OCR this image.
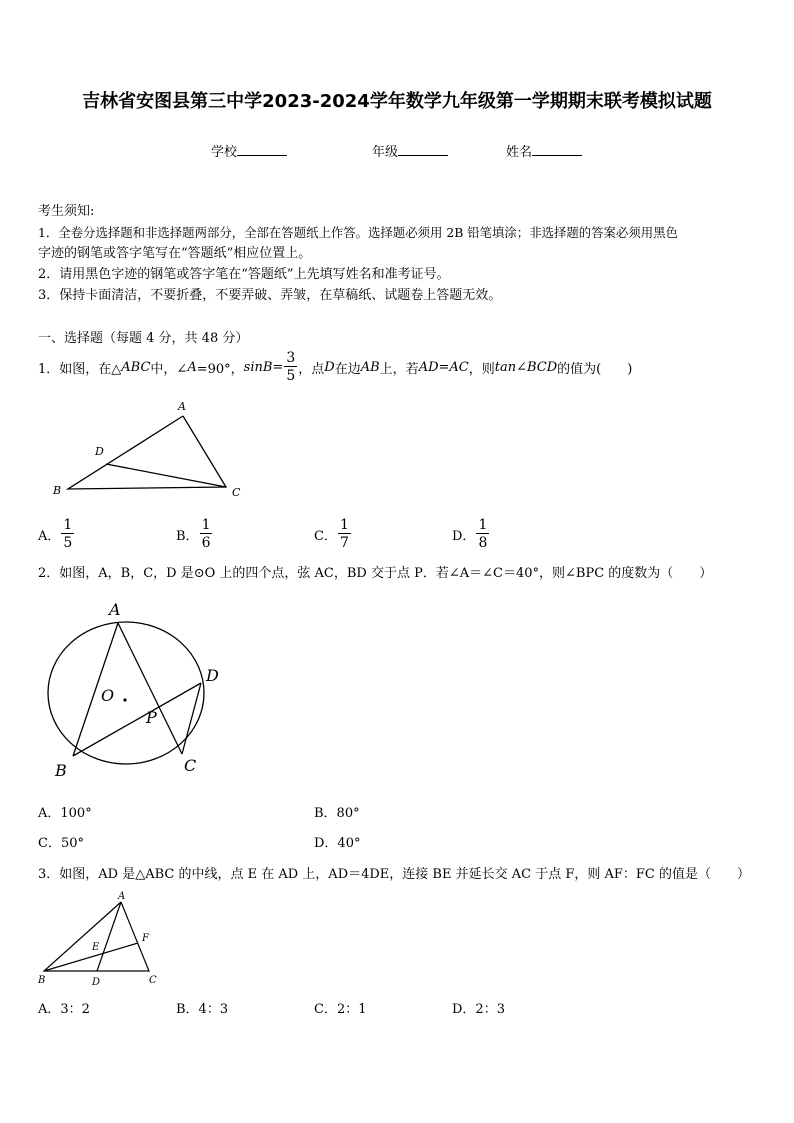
吉林省安图县第三中学2023-2024学年数学九年级第一学期期末联考模拟试题
学校	年级	姓名
考生须知:
1．全卷分选择题和非选择题两部分，全部在答题纸上作答。选择题必须用 2B 铅笔填涂；非选择题的答案必须用黑色
字迹的钢笔或答字笔写在“答题纸”相应位置上。
2．请用黑色字迹的钢笔或答字笔在“答题纸”上先填写姓名和准考证号。
3．保持卡面清洁，不要折叠，不要弄破、弄皱，在草稿纸、试题卷上答题无效。
一、选择题（每题 4 分，共 48 分）
1．如图，在△ ABC 中，∠ A =90°， $\sin B = \frac{3}{5}$ ，点 D 在边 AB 上，若 AD=AC ，则 tan∠BCD 的值为(　　)
A
B	C
D
A． $\frac{1}{5}$	B． $\frac{1}{6}$	C． $\frac{1}{7}$	D． $\frac{1}{8}$
2．如图，A，B，C，D 是⊙O 上的四个点，弦 AC，BD 交于点 P．若∠A＝∠C＝40°，则∠BPC 的度数为（　　）
A
B	C
D
O
P
A．100°	B．80°
C．50°	D．40°
3．如图，AD 是△ABC 的中线，点 E 在 AD 上，AD＝4DE，连接 BE 并延长交 AC 于点 F，则 AF：FC 的值是（　　）
A
B	C
D
E
F
A．3：2	B．4：3	C．2：1	D．2：3
